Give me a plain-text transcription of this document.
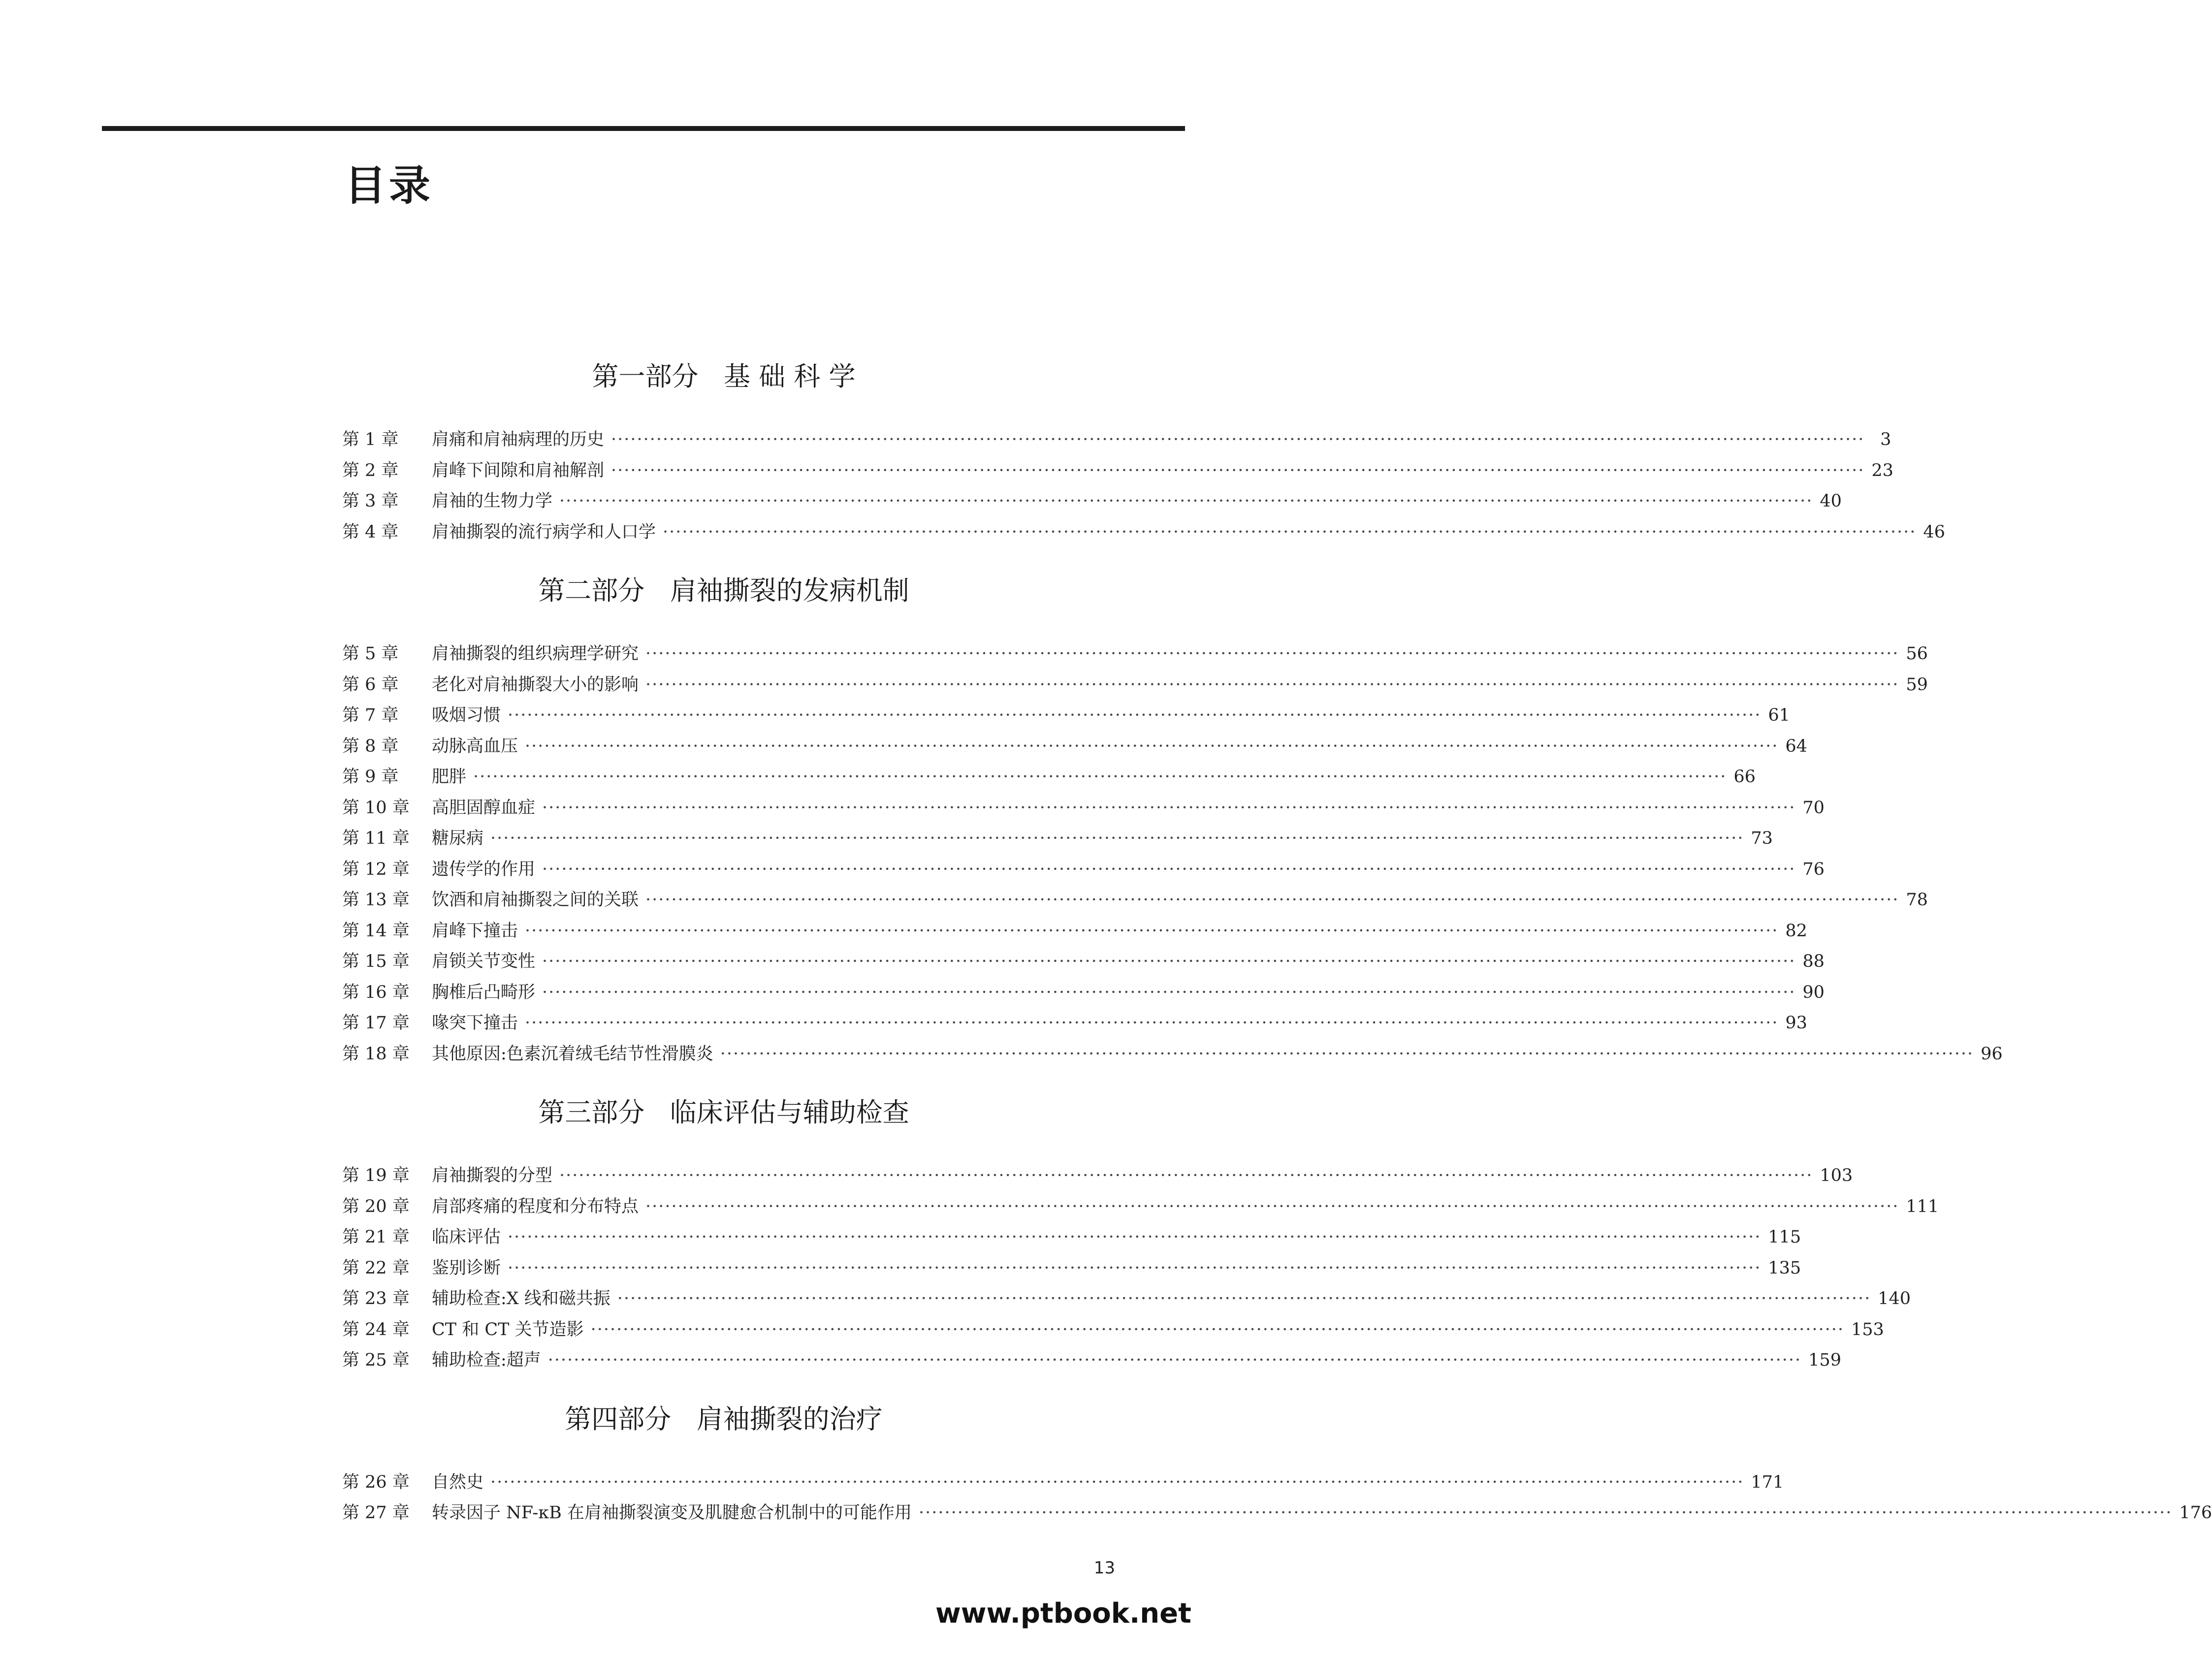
目录
第一部分   基 础 科 学
第 1 章	肩痛和肩袖病理的历史 ·································································································································································································· 3
第 2 章	肩峰下间隙和肩袖解剖 ·································································································································································································· 23
第 3 章	肩袖的生物力学 ·································································································································································································· 40
第 4 章	肩袖撕裂的流行病学和人口学 ·································································································································································································· 46
第二部分   肩袖撕裂的发病机制
第 5 章	肩袖撕裂的组织病理学研究 ·································································································································································································· 56
第 6 章	老化对肩袖撕裂大小的影响 ·································································································································································································· 59
第 7 章	吸烟习惯 ·································································································································································································· 61
第 8 章	动脉高血压 ·································································································································································································· 64
第 9 章	肥胖 ·································································································································································································· 66
第 10 章	高胆固醇血症 ·································································································································································································· 70
第 11 章	糖尿病 ·································································································································································································· 73
第 12 章	遗传学的作用 ·································································································································································································· 76
第 13 章	饮酒和肩袖撕裂之间的关联 ·································································································································································································· 78
第 14 章	肩峰下撞击 ·································································································································································································· 82
第 15 章	肩锁关节变性 ·································································································································································································· 88
第 16 章	胸椎后凸畸形 ·································································································································································································· 90
第 17 章	喙突下撞击 ·································································································································································································· 93
第 18 章	其他原因:色素沉着绒毛结节性滑膜炎 ·································································································································································································· 96
第三部分   临床评估与辅助检查
第 19 章	肩袖撕裂的分型 ·································································································································································································· 103
第 20 章	肩部疼痛的程度和分布特点 ·································································································································································································· 111
第 21 章	临床评估 ·································································································································································································· 115
第 22 章	鉴别诊断 ·································································································································································································· 135
第 23 章	辅助检查:X 线和磁共振 ·································································································································································································· 140
第 24 章	CT 和 CT 关节造影 ·································································································································································································· 153
第 25 章	辅助检查:超声 ·································································································································································································· 159
第四部分   肩袖撕裂的治疗
第 26 章	自然史 ·································································································································································································· 171
第 27 章	转录因子 NF-κB 在肩袖撕裂演变及肌腱愈合机制中的可能作用 ·································································································································································································· 176
13
www.ptbook.net
